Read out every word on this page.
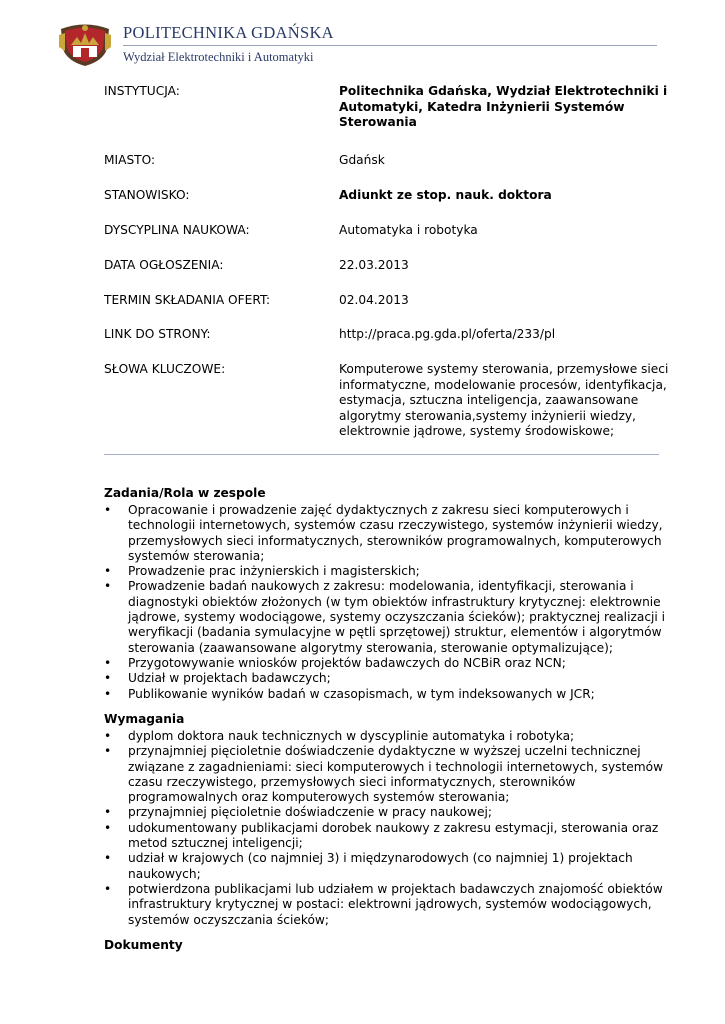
POLITECHNIKA GDAŃSKA
Wydział Elektrotechniki i Automatyki
INSTYTUCJA:	Politechnika Gdańska, Wydział Elektrotechniki i Automatyki, Katedra Inżynierii Systemów Sterowania
MIASTO:	Gdańsk
STANOWISKO:	Adiunkt ze stop. nauk. doktora
DYSCYPLINA NAUKOWA:	Automatyka i robotyka
DATA OGŁOSZENIA:	22.03.2013
TERMIN SKŁADANIA OFERT:	02.04.2013
LINK DO STRONY:	http://praca.pg.gda.pl/oferta/233/pl
SŁOWA KLUCZOWE:	Komputerowe systemy sterowania, przemysłowe sieci informatyczne, modelowanie procesów, identyfikacja, estymacja, sztuczna inteligencja, zaawansowane algorytmy sterowania,systemy inżynierii wiedzy, elektrownie jądrowe, systemy środowiskowe;
Zadania/Rola w zespole
• Opracowanie i prowadzenie zajęć dydaktycznych z zakresu sieci komputerowych i technologii internetowych, systemów czasu rzeczywistego, systemów inżynierii wiedzy, przemysłowych sieci informatycznych, sterowników programowalnych, komputerowych systemów sterowania;
• Prowadzenie prac inżynierskich i magisterskich;
• Prowadzenie badań naukowych z zakresu: modelowania, identyfikacji, sterowania i diagnostyki obiektów złożonych (w tym obiektów infrastruktury krytycznej: elektrownie jądrowe, systemy wodociągowe, systemy oczyszczania ścieków); praktycznej realizacji i weryfikacji (badania symulacyjne w pętli sprzętowej) struktur, elementów i algorytmów sterowania (zaawansowane algorytmy sterowania, sterowanie optymalizujące);
• Przygotowywanie wniosków projektów badawczych do NCBiR oraz NCN;
• Udział w projektach badawczych;
• Publikowanie wyników badań w czasopismach, w tym indeksowanych w JCR;
Wymagania
• dyplom doktora nauk technicznych w dyscyplinie automatyka i robotyka;
• przynajmniej pięcioletnie doświadczenie dydaktyczne w wyższej uczelni technicznej związane z zagadnieniami: sieci komputerowych i technologii internetowych, systemów czasu rzeczywistego, przemysłowych sieci informatycznych, sterowników programowalnych oraz komputerowych systemów sterowania;
• przynajmniej pięcioletnie doświadczenie w pracy naukowej;
• udokumentowany publikacjami dorobek naukowy z zakresu estymacji, sterowania oraz metod sztucznej inteligencji;
• udział w krajowych (co najmniej 3) i międzynarodowych (co najmniej 1) projektach naukowych;
• potwierdzona publikacjami lub udziałem w projektach badawczych znajomość obiektów infrastruktury krytycznej w postaci: elektrowni jądrowych, systemów wodociągowych, systemów oczyszczania ścieków;
Dokumenty
